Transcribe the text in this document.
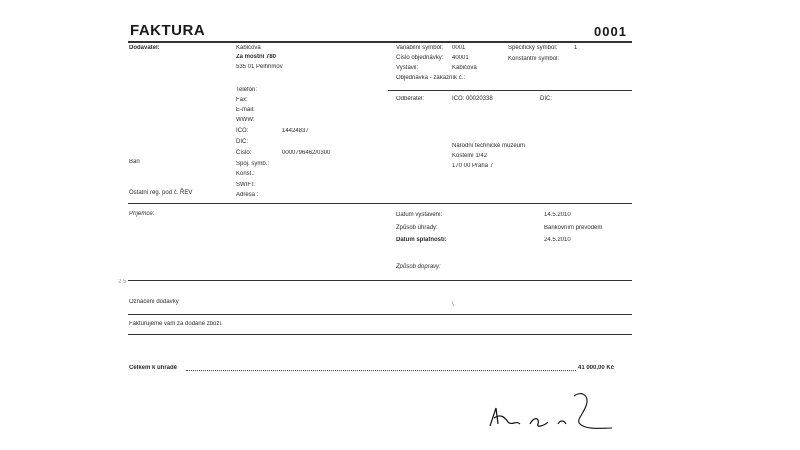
FAKTURA	0001
Dodavatel:	Kabičová
Za mostní 780
535 01 Pelhřimov
Telefon:
Fax:
E-mail:
WWW:
IČO:	14424837
DIČ:
Číslo:	0000796462/0300
Spoj. symb.:
Konst.:
SWIFT:
Adresa :
Ban
Ostatní reg. pod č. ŘEV
Variabilní symbol: 0001
Číslo objednávky: 40001
Vystavil:	Kabičová
Objednávka - zákazník č.:
Specifický symbol:	1
Konstantní symbol:
Odběratel:	IČO: 00020338	DIČ:
Národní technické muzeum
Kostelní 1/42
170 00 Praha 7
Příjemce:	Datum vystavení:	14.5.2010
Způsob úhrady:	Bankovním převodem
Datum splatnosti:	24.5.2010
Způsob dopravy:
2 5
Označení dodávky	\
Fakturujeme vám za dodané zboží.
Celkem k úhradě	41 000,00 Kč
